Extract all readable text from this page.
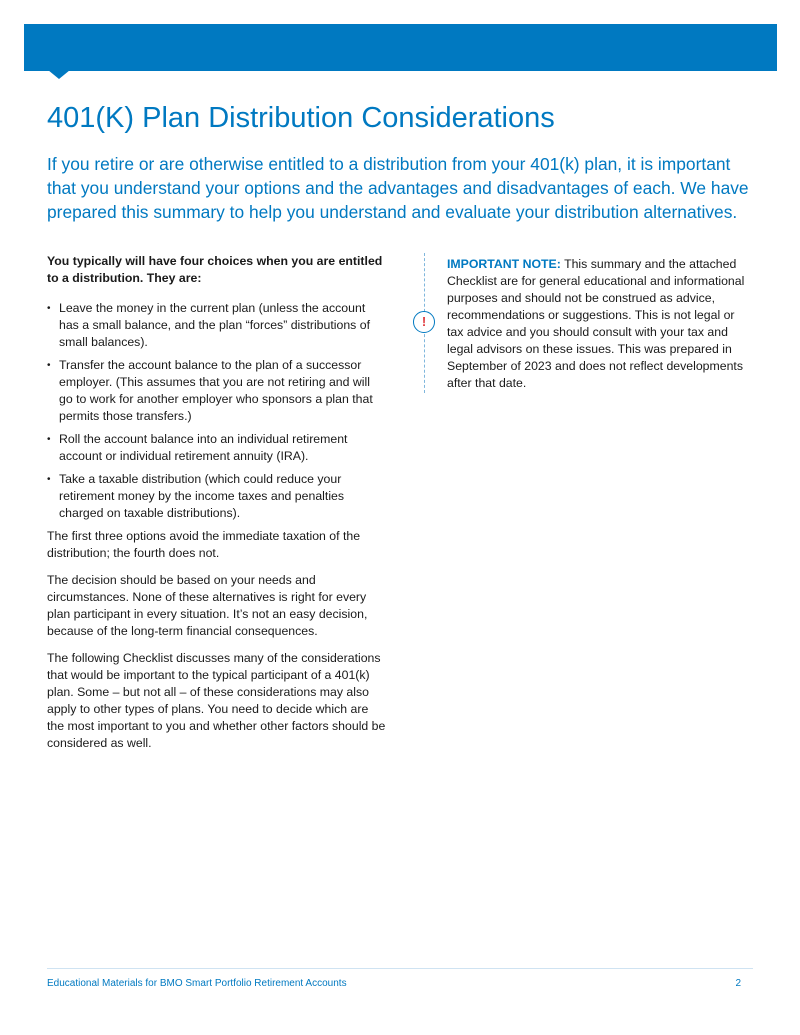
401(K) Plan Distribution Considerations

If you retire or are otherwise entitled to a distribution from your 401(k) plan, it is important that you understand your options and the advantages and disadvantages of each. We have prepared this summary to help you understand and evaluate your distribution alternatives.

You typically will have four choices when you are entitled to a distribution. They are:

• Leave the money in the current plan (unless the account has a small balance, and the plan “forces” distributions of small balances).
• Transfer the account balance to the plan of a successor employer. (This assumes that you are not retiring and will go to work for another employer who sponsors a plan that permits those transfers.)
• Roll the account balance into an individual retirement account or individual retirement annuity (IRA).
• Take a taxable distribution (which could reduce your retirement money by the income taxes and penalties charged on taxable distributions).

The first three options avoid the immediate taxation of the distribution; the fourth does not.

The decision should be based on your needs and circumstances. None of these alternatives is right for every plan participant in every situation. It’s not an easy decision, because of the long-term financial consequences.

The following Checklist discusses many of the considerations that would be important to the typical participant of a 401(k) plan. Some – but not all – of these considerations may also apply to other types of plans. You need to decide which are the most important to you and whether other factors should be considered as well.

!

IMPORTANT NOTE: This summary and the attached Checklist are for general educational and informational purposes and should not be construed as advice, recommendations or suggestions. This is not legal or tax advice and you should consult with your tax and legal advisors on these issues. This was prepared in September of 2023 and does not reflect developments after that date.

Educational Materials for BMO Smart Portfolio Retirement Accounts	2
